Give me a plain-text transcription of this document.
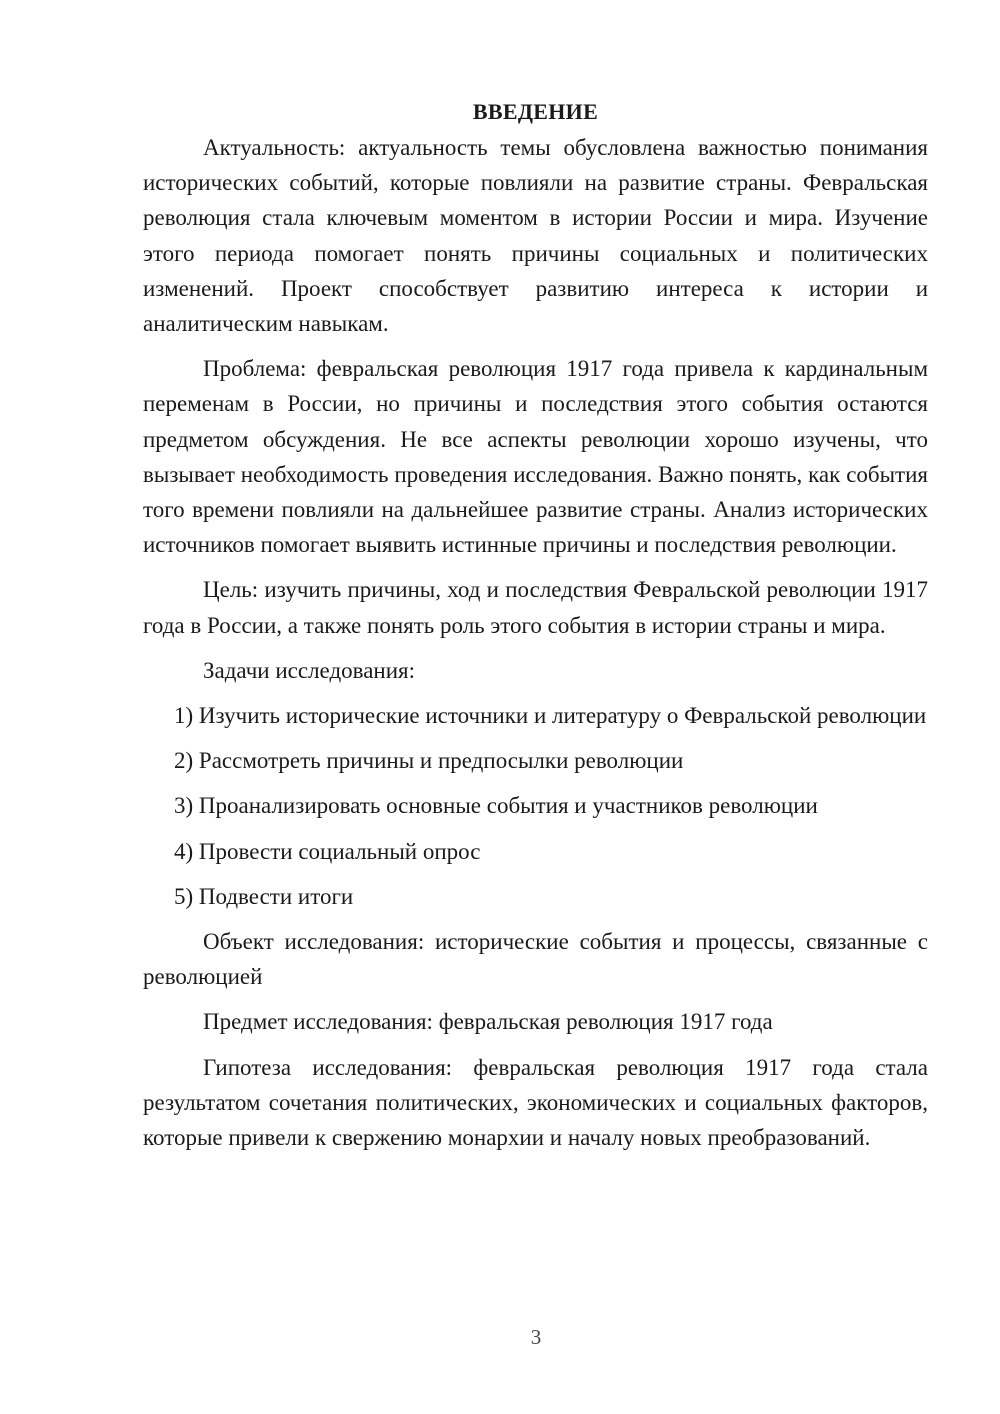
ВВЕДЕНИЕ

Актуальность: актуальность темы обусловлена важностью понимания исторических событий, которые повлияли на развитие страны. Февральская революция стала ключевым моментом в истории России и мира. Изучение этого периода помогает понять причины социальных и политических изменений. Проект способствует развитию интереса к истории и аналитическим навыкам.

Проблема: февральская революция 1917 года привела к кардинальным переменам в России, но причины и последствия этого события остаются предметом обсуждения. Не все аспекты революции хорошо изучены, что вызывает необходимость проведения исследования. Важно понять, как события того времени повлияли на дальнейшее развитие страны. Анализ исторических источников помогает выявить истинные причины и последствия революции.

Цель: изучить причины, ход и последствия Февральской революции 1917 года в России, а также понять роль этого события в истории страны и мира.

Задачи исследования:

1) Изучить исторические источники и литературу о Февральской революции

2) Рассмотреть причины и предпосылки революции

3) Проанализировать основные события и участников революции

4) Провести социальный опрос

5) Подвести итоги

Объект исследования: исторические события и процессы, связанные с революцией

Предмет исследования: февральская революция 1917 года

Гипотеза исследования: февральская революция 1917 года стала результатом сочетания политических, экономических и социальных факторов, которые привели к свержению монархии и началу новых преобразований.

3
